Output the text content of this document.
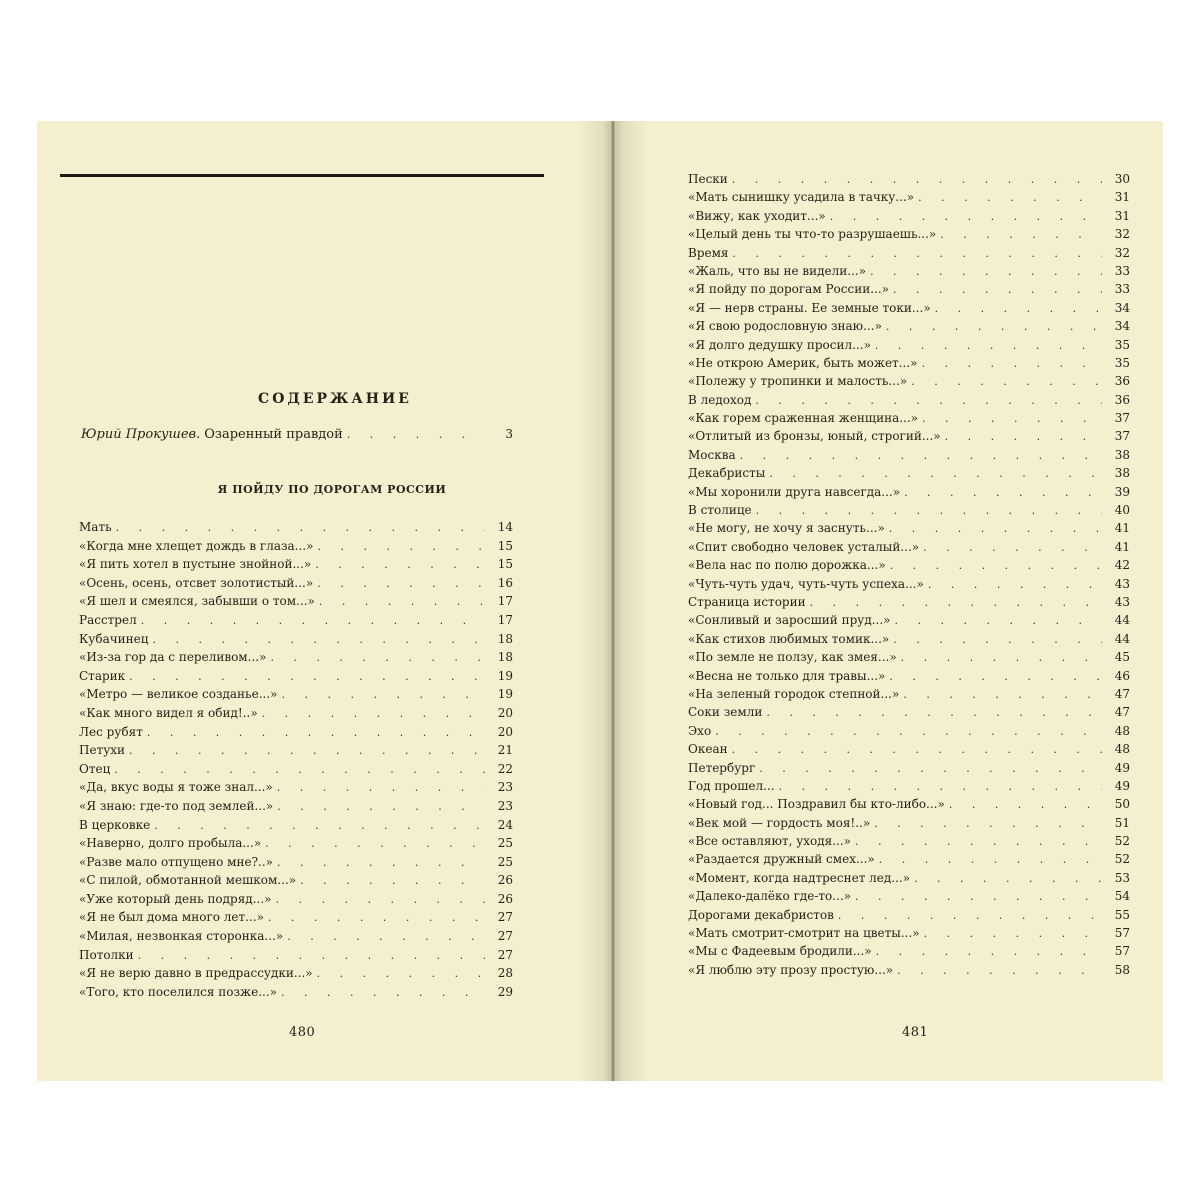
СОДЕРЖАНИЕ
Юрий Прокушев. Озаренный правдой . . .	3
Я ПОЙДУ ПО ДОРОГАМ РОССИИ
Мать . . .	14
«Когда мне хлещет дождь в глаза...» . . .	15
«Я пить хотел в пустыне знойной...» . . .	15
«Осень, осень, отсвет золотистый...» . . .	16
«Я шел и смеялся, забывши о том...» . . .	17
Расстрел . . .	17
Кубачинец . . .	18
«Из-за гор да с переливом...» . . .	18
Старик . . .	19
«Метро — великое созданье...» . . .	19
«Как много видел я обид!..» . . .	20
Лес рубят . . .	20
Петухи . . .	21
Отец . . .	22
«Да, вкус воды я тоже знал...» . . .	23
«Я знаю: где-то под землей...» . . .	23
В церковке . . .	24
«Наверно, долго пробыла...» . . .	25
«Разве мало отпущено мне?..» . . .	25
«С пилой, обмотанной мешком...» . . .	26
«Уже который день подряд...» . . .	26
«Я не был дома много лет...» . . .	27
«Милая, незвонкая сторонка...» . . .	27
Потолки . . .	27
«Я не верю давно в предрассудки...» . . .	28
«Того, кто поселился позже...» . . .	29
480
Пески . . .	30
«Мать сынишку усадила в тачку...» . . .	31
«Вижу, как уходит...» . . .	31
«Целый день ты что-то разрушаешь...» . . .	32
Время . . .	32
«Жаль, что вы не видели...» . . .	33
«Я пойду по дорогам России...» . . .	33
«Я — нерв страны. Ее земные токи...» . . .	34
«Я свою родословную знаю...» . . .	34
«Я долго дедушку просил...» . . .	35
«Не открою Америк, быть может...» . . .	35
«Полежу у тропинки и малость...» . . .	36
В ледоход . . .	36
«Как горем сраженная женщина...» . . .	37
«Отлитый из бронзы, юный, строгий...» . . .	37
Москва . . .	38
Декабристы . . .	38
«Мы хоронили друга навсегда...» . . .	39
В столице . . .	40
«Не могу, не хочу я заснуть...» . . .	41
«Спит свободно человек усталый...» . . .	41
«Вела нас по полю дорожка...» . . .	42
«Чуть-чуть удач, чуть-чуть успеха...» . . .	43
Страница истории . . .	43
«Сонливый и заросший пруд...» . . .	44
«Как стихов любимых томик...» . . .	44
«По земле не ползу, как змея...» . . .	45
«Весна не только для травы...» . . .	46
«На зеленый городок степной...» . . .	47
Соки земли . . .	47
Эхо . . .	48
Океан . . .	48
Петербург . . .	49
Год прошел... . . .	49
«Новый год... Поздравил бы кто-либо...» . . .	50
«Век мой — гордость моя!..» . . .	51
«Все оставляют, уходя...» . . .	52
«Раздается дружный смех...» . . .	52
«Момент, когда надтреснет лед...» . . .	53
«Далеко-далёко где-то...» . . .	54
Дорогами декабристов . . .	55
«Мать смотрит-смотрит на цветы...» . . .	57
«Мы с Фадеевым бродили...» . . .	57
«Я люблю эту прозу простую...» . . .	58
481
